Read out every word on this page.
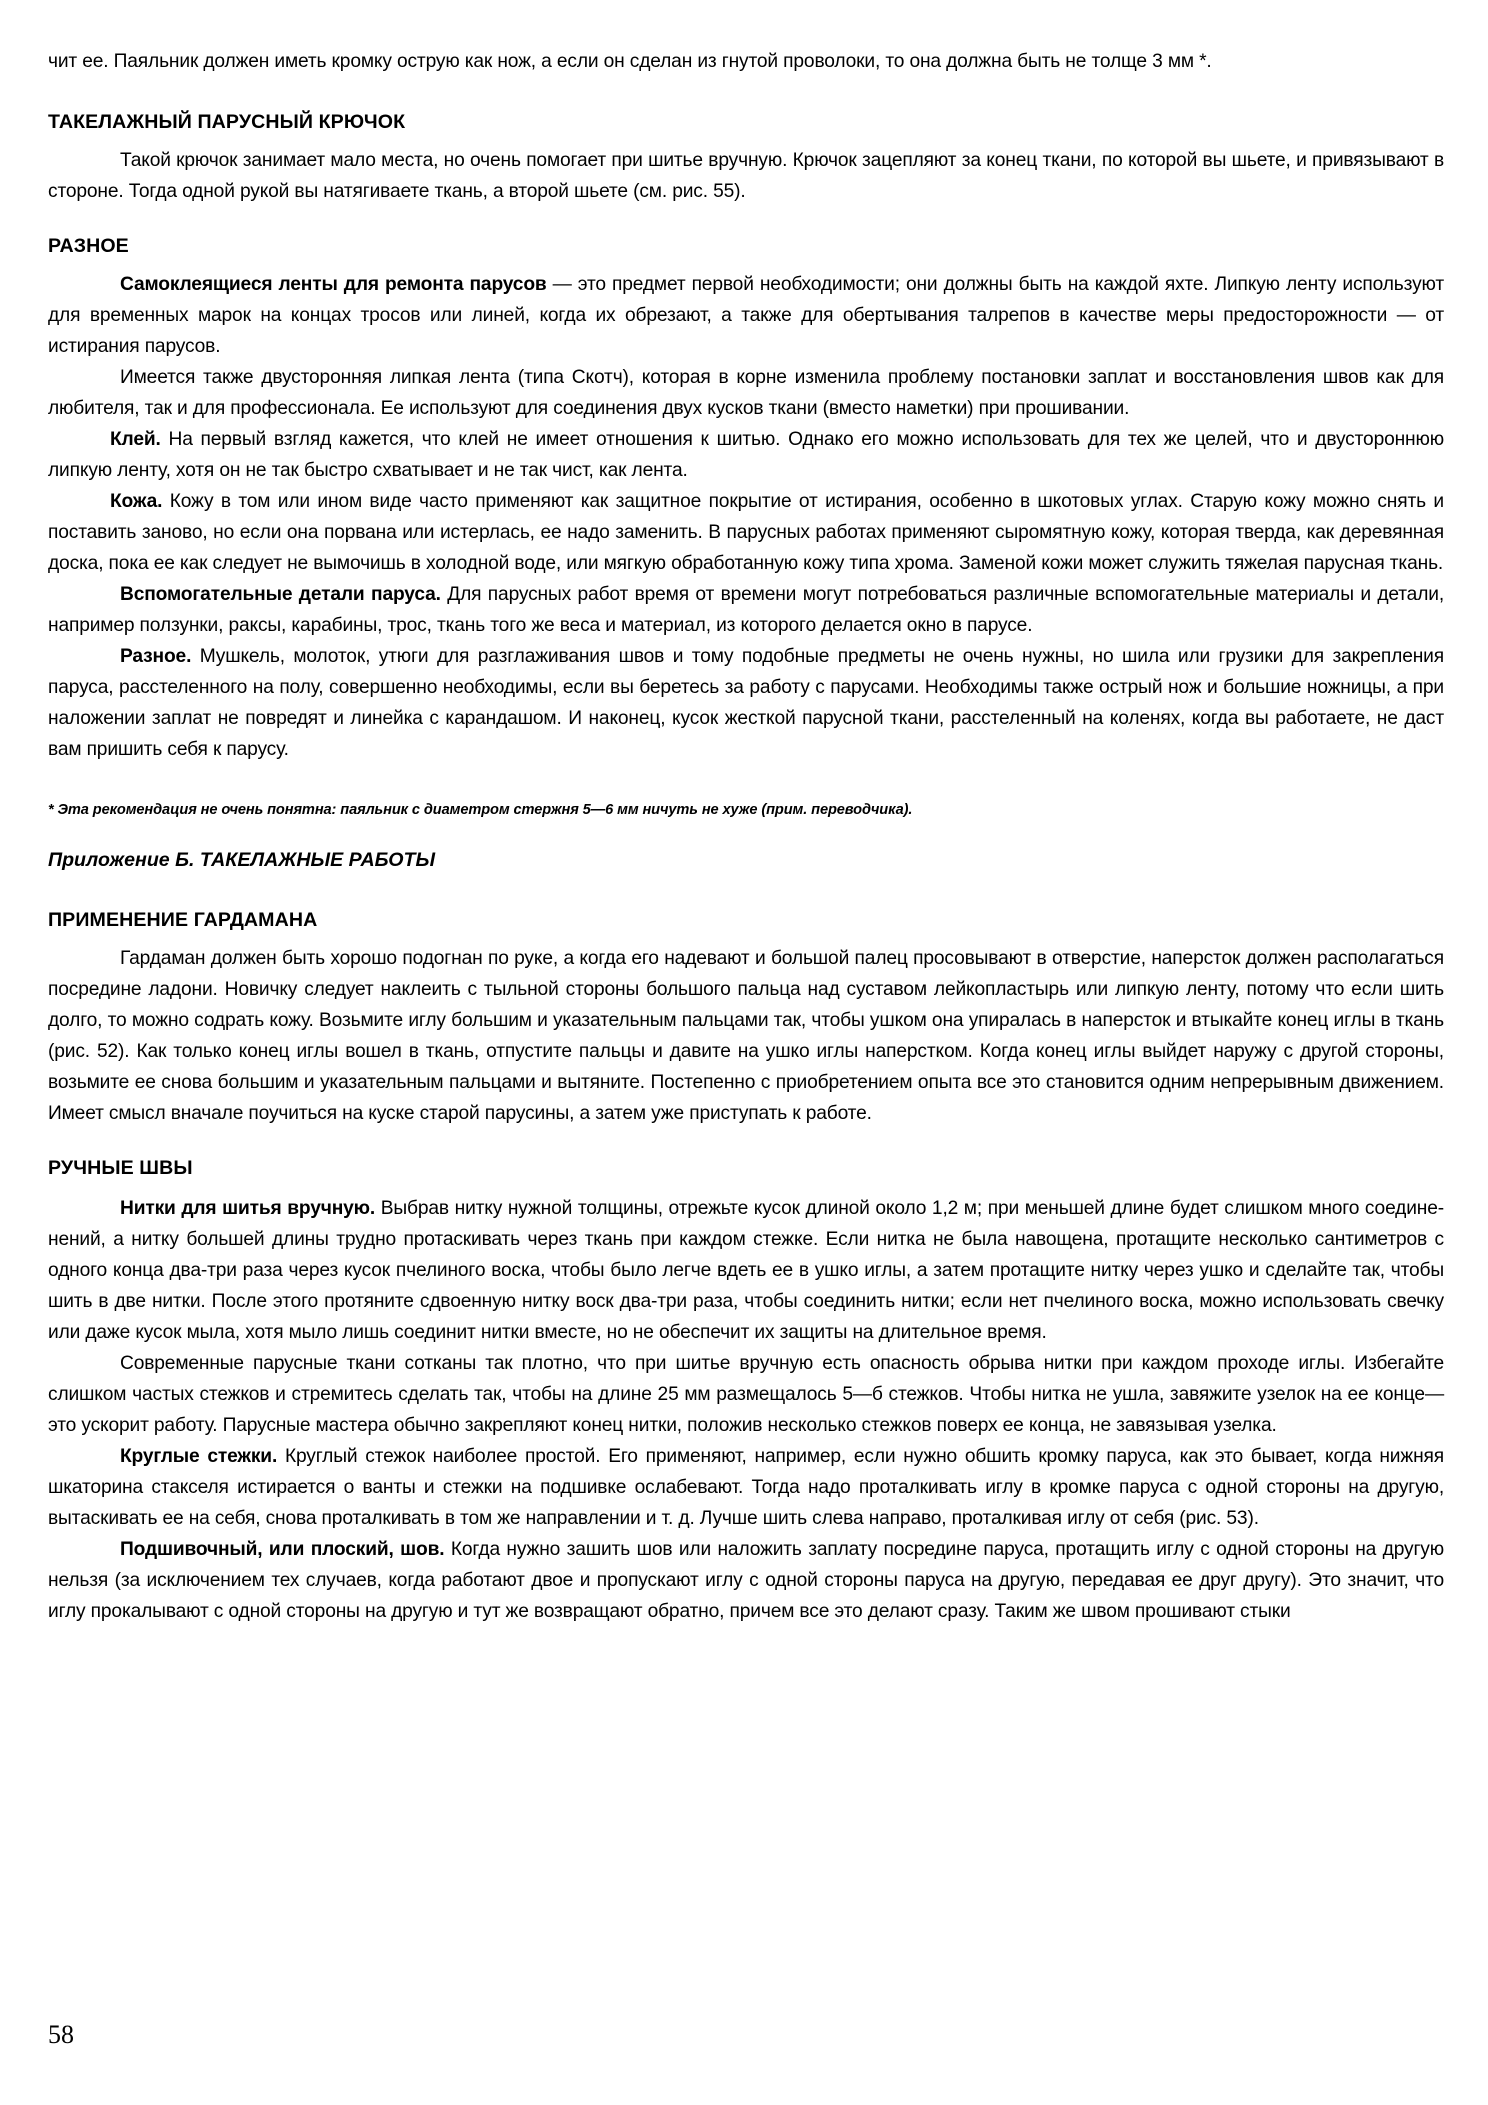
чит ее. Паяльник должен иметь кромку острую как нож, а если он сделан из гнутой проволоки, то она должна быть не толще 3 мм *.

ТАКЕЛАЖНЫЙ ПАРУСНЫЙ КРЮЧОК

Такой крючок занимает мало места, но очень помогает при шитье вручную. Крючок зацепляют за конец ткани, по которой вы шьете, и привязывают в стороне. Тогда одной рукой вы натягиваете ткань, а второй шьете (см. рис. 55).

РАЗНОЕ

Самоклеящиеся ленты для ремонта парусов — это предмет первой необходимости; они должны быть на каждой яхте. Липкую ленту используют для временных марок на концах тросов или линей, когда их обрезают, а также для обертывания талрепов в качестве меры предосторожности — от истирания парусов.

Имеется также двусторонняя липкая лента (типа Скотч), которая в корне изменила проблему постановки заплат и восстановления швов как для любителя, так и для профессионала. Ее используют для соединения двух кусков ткани (вместо наметки) при прошивании.

Клей. На первый взгляд кажется, что клей не имеет отношения к шитью. Однако его можно использовать для тех же целей, что и двустороннюю липкую ленту, хотя он не так быстро схватывает и не так чист, как лента.

Кожа. Кожу в том или ином виде часто применяют как защитное покрытие от истирания, особенно в шкотовых углах. Старую кожу можно снять и поставить заново, но если она порвана или истерлась, ее надо заменить. В парусных работах применяют сыромятную кожу, которая тверда, как деревянная доска, пока ее как следует не вымочишь в холодной воде, или мягкую обработанную кожу типа хрома. Заменой кожи может служить тяжелая парусная ткань.

Вспомогательные детали паруса. Для парусных работ время от времени могут потребоваться различные вспомогательные материалы и детали, например ползунки, раксы, карабины, трос, ткань того же веса и материал, из которого делается окно в парусе.

Разное. Мушкель, молоток, утюги для разглаживания швов и тому подобные предметы не очень нужны, но шила или грузики для закрепления паруса, расстеленного на полу, совершенно необходимы, если вы беретесь за работу с парусами. Необходимы также острый нож и большие ножницы, а при наложении заплат не повредят и линейка с карандашом. И наконец, кусок жесткой парусной ткани, расстеленный на коленях, когда вы работаете, не даст вам пришить себя к парусу.

* Эта рекомендация не очень понятна: паяльник с диаметром стержня 5—6 мм ничуть не хуже (прим. переводчика).

Приложение Б. ТАКЕЛАЖНЫЕ РАБОТЫ
ПРИМЕНЕНИЕ ГАРДАМАНА

Гардаман должен быть хорошо подогнан по руке, а когда его надевают и большой палец просовывают в отверстие, наперсток должен располагаться посредине ладони. Новичку следует наклеить с тыльной стороны большого пальца над суставом лейкопластырь или липкую ленту, потому что если шить долго, то можно содрать кожу. Возьмите иглу большим и указательным пальцами так, чтобы ушком она упиралась в наперсток и втыкайте конец иглы в ткань (рис. 52). Как только конец иглы вошел в ткань, отпустите пальцы и давите на ушко иглы наперстком. Когда конец иглы выйдет наружу с другой стороны, возьмите ее снова большим и указательным пальцами и вытяните. Постепенно с приобретением опыта все это становится одним непрерывным движением. Имеет смысл вначале поучиться на куске старой парусины, а затем уже приступать к работе.

РУЧНЫЕ ШВЫ

Нитки для шитья вручную. Выбрав нитку нужной толщины, отрежьте кусок длиной около 1,2 м; при меньшей длине будет слишком много соедине-нений, а нитку большей длины трудно протаскивать через ткань при каждом стежке. Если нитка не была навощена, протащите несколько сантиметров с одного конца два-три раза через кусок пчелиного воска, чтобы было легче вдеть ее в ушко иглы, а затем протащите нитку через ушко и сделайте так, чтобы шить в две нитки. После этого протяните сдвоенную нитку воск два-три раза, чтобы соединить нитки; если нет пчелиного воска, можно использовать свечку или даже кусок мыла, хотя мыло лишь соединит нитки вместе, но не обеспечит их защиты на длительное время.

Современные парусные ткани сотканы так плотно, что при шитье вручную есть опасность обрыва нитки при каждом проходе иглы. Избегайте слишком частых стежков и стремитесь сделать так, чтобы на длине 25 мм размещалось 5—б стежков. Чтобы нитка не ушла, завяжите узелок на ее конце— это ускорит работу. Парусные мастера обычно закрепляют конец нитки, положив несколько стежков поверх ее конца, не завязывая узелка.

Круглые стежки. Круглый стежок наиболее простой. Его применяют, например, если нужно обшить кромку паруса, как это бывает, когда нижняя шкаторина стакселя истирается о ванты и стежки на подшивке ослабевают. Тогда надо проталкивать иглу в кромке паруса с одной стороны на другую, вытаскивать ее на себя, снова проталкивать в том же направлении и т. д. Лучше шить слева направо, проталкивая иглу от себя (рис. 53).

Подшивочный, или плоский, шов. Когда нужно зашить шов или наложить заплату посредине паруса, протащить иглу с одной стороны на другую нельзя (за исключением тех случаев, когда работают двое и пропускают иглу с одной стороны паруса на другую, передавая ее друг другу). Это значит, что иглу прокалывают с одной стороны на другую и тут же возвращают обратно, причем все это делают сразу. Таким же швом прошивают стыки

58
